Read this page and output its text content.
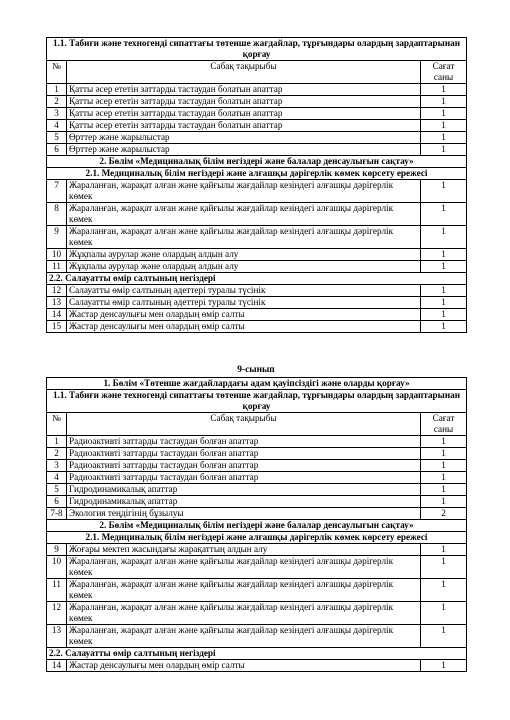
1.1. Табиғи және техногенді сипаттағы төтенше жағдайлар, тұрғындары олардың зардаптарынан қорғау		
№	Сабақ тақырыбы	Сағат
саны

1	Қатты әсер ететін заттарды тастаудан болатын апаттар	1
2	Қатты әсер ететін заттарды тастаудан болатын апаттар	1
3	Қатты әсер ететін заттарды тастаудан болатын апаттар	1
4	Қатты әсер ететін заттарды тастаудан болатын апаттар	1
5	Өрттер және жарылыстар	1
6	Өрттер және жарылыстар	1
2. Бөлім «Медициналық білім негіздері және балалар денсаулығын сақтау»		
2.1. Медициналық білім негіздері және алғашқы дәрігерлік көмек көрсету ережесі		
7	Жараланған, жарақат алған және қайғылы жағдайлар кезіндегі алғашқы дәрігерлік көмек	1
8	Жараланған, жарақат алған және қайғылы жағдайлар кезіндегі алғашқы дәрігерлік көмек	1
9	Жараланған, жарақат алған және қайғылы жағдайлар кезіндегі алғашқы дәрігерлік көмек	1
10	Жұқпалы аурулар және олардың алдын алу	1
11	Жұқпалы аурулар және олардың алдын алу	1
2.2. Салауатты өмір салтының негіздері		
12	Салауатты өмір салтының әдеттері туралы түсінік	1
13	Салауатты өмір салтының әдеттері туралы түсінік	1
14	Жастар денсаулығы мен олардың өмір салты	1
15	Жастар денсаулығы мен олардың өмір салты	1
9-сынып
1. Бөлім «Төтенше жағдайлардағы адам қауіпсіздігі және оларды қорғау»		
1.1. Табиғи және техногенді сипаттағы төтенше жағдайлар, тұрғындары олардың зардаптарынан қорғау		
№	Сабақ тақырыбы	Сағат
саны

1	Радиоактивті заттарды тастаудан болған апаттар	1
2	Радиоактивті заттарды тастаудан болған апаттар	1
3	Радиоактивті заттарды тастаудан болған апаттар	1
4	Радиоактивті заттарды тастаудан болған апаттар	1
5	Гидродинамикалық апаттар	1
6	Гидродинамикалық апаттар	1
7-8	Экология теңдігінің бұзылуы	2
2. Бөлім «Медициналық білім негіздері және балалар денсаулығын сақтау»		
2.1. Медициналық білім негіздері және алғашқы дәрігерлік көмек көрсету ережесі		
9	Жоғары мектеп жасындағы жарақаттың алдын алу	1
10	Жараланған, жарақат алған және қайғылы жағдайлар кезіндегі алғашқы дәрігерлік көмек	1
11	Жараланған, жарақат алған және қайғылы жағдайлар кезіндегі алғашқы дәрігерлік көмек	1
12	Жараланған, жарақат алған және қайғылы жағдайлар кезіндегі алғашқы дәрігерлік көмек	1
13	Жараланған, жарақат алған және қайғылы жағдайлар кезіндегі алғашқы дәрігерлік көмек	1
2.2. Салауатты өмір салтының негіздері		
14	Жастар денсаулығы мен олардың өмір салты	1
